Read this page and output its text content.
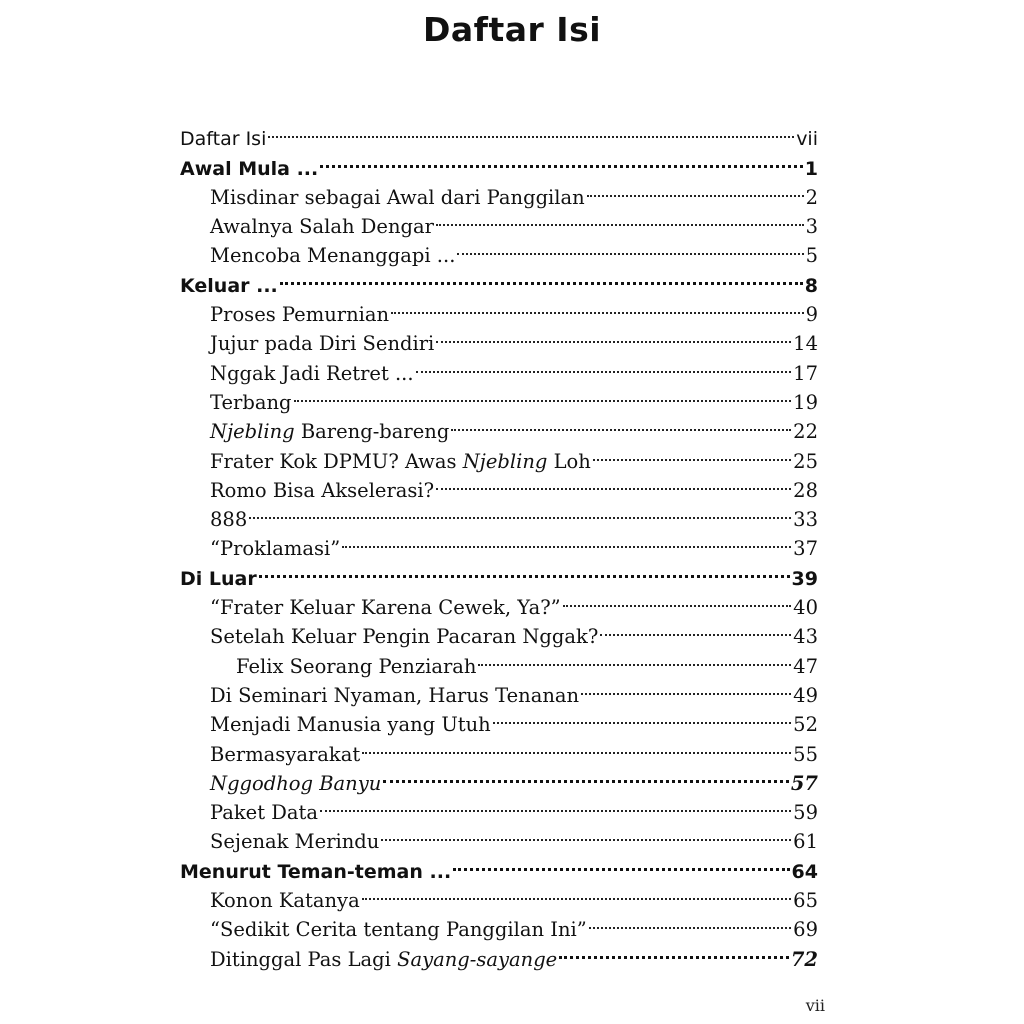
Daftar Isi
Daftar Isi	vii
Awal Mula ...	1
Misdinar sebagai Awal dari Panggilan	2
Awalnya Salah Dengar	3
Mencoba Menanggapi ...	5
Keluar ...	8
Proses Pemurnian	9
Jujur pada Diri Sendiri	14
Nggak Jadi Retret ...	17
Terbang	19
Njebling Bareng-bareng	22
Frater Kok DPMU? Awas Njebling Loh	25
Romo Bisa Akselerasi?	28
888	33
“Proklamasi”	37
Di Luar	39
“Frater Keluar Karena Cewek, Ya?”	40
Setelah Keluar Pengin Pacaran Nggak?	43
Felix Seorang Penziarah	47
Di Seminari Nyaman, Harus Tenanan	49
Menjadi Manusia yang Utuh	52
Bermasyarakat	55
Nggodhog Banyu	57
Paket Data	59
Sejenak Merindu	61
Menurut Teman-teman ...	64
Konon Katanya	65
“Sedikit Cerita tentang Panggilan Ini”	69
Ditinggal Pas Lagi Sayang-sayange	72
vii
